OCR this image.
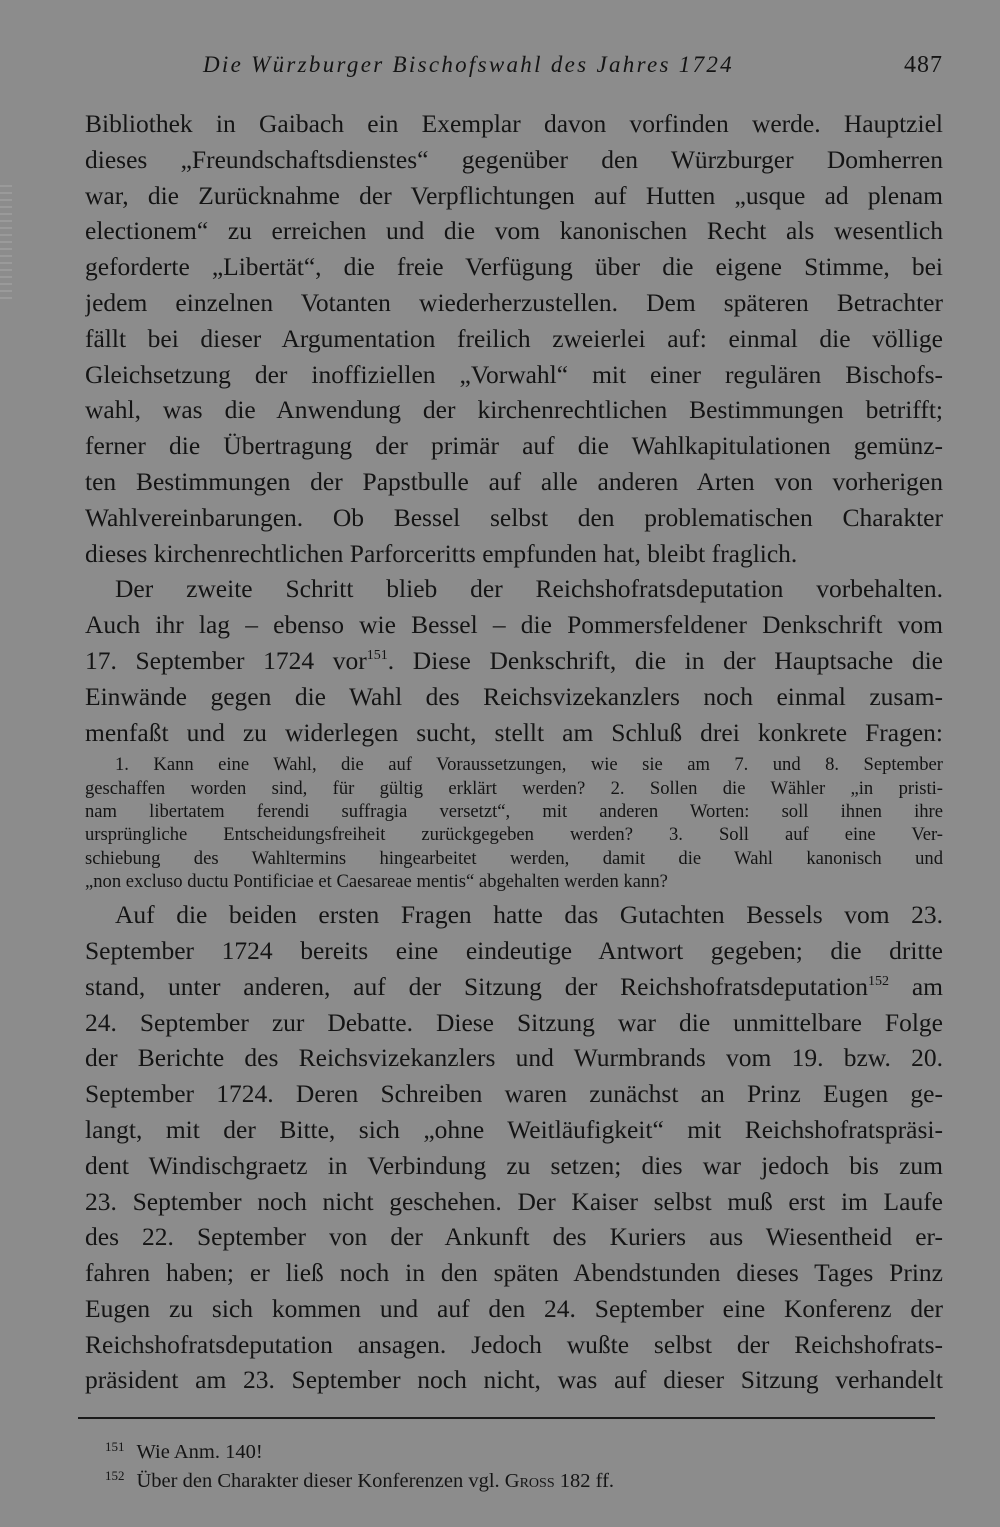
Die Würzburger Bischofswahl des Jahres 1724	487
Bibliothek in Gaibach ein Exemplar davon vorfinden werde. Hauptziel
dieses „Freundschaftsdienstes“ gegenüber den Würzburger Domherren
war, die Zurücknahme der Verpflichtungen auf Hutten „usque ad plenam
electionem“ zu erreichen und die vom kanonischen Recht als wesentlich
geforderte „Libertät“, die freie Verfügung über die eigene Stimme, bei
jedem einzelnen Votanten wiederherzustellen. Dem späteren Betrachter
fällt bei dieser Argumentation freilich zweierlei auf: einmal die völlige
Gleichsetzung der inoffiziellen „Vorwahl“ mit einer regulären Bischofs-
wahl, was die Anwendung der kirchenrechtlichen Bestimmungen betrifft;
ferner die Übertragung der primär auf die Wahlkapitulationen gemünz-
ten Bestimmungen der Papstbulle auf alle anderen Arten von vorherigen
Wahlvereinbarungen. Ob Bessel selbst den problematischen Charakter
dieses kirchenrechtlichen Parforceritts empfunden hat, bleibt fraglich.
Der zweite Schritt blieb der Reichshofratsdeputation vorbehalten.
Auch ihr lag – ebenso wie Bessel – die Pommersfeldener Denkschrift vom
17. September 1724 vor$^{151}$. Diese Denkschrift, die in der Hauptsache die
Einwände gegen die Wahl des Reichsvizekanzlers noch einmal zusam-
menfaßt und zu widerlegen sucht, stellt am Schluß drei konkrete Fragen:
1. Kann eine Wahl, die auf Voraussetzungen, wie sie am 7. und 8. September
geschaffen worden sind, für gültig erklärt werden? 2. Sollen die Wähler „in pristi-
nam libertatem ferendi suffragia versetzt“, mit anderen Worten: soll ihnen ihre
ursprüngliche Entscheidungsfreiheit zurückgegeben werden? 3. Soll auf eine Ver-
schiebung des Wahltermins hingearbeitet werden, damit die Wahl kanonisch und
„non excluso ductu Pontificiae et Caesareae mentis“ abgehalten werden kann?
Auf die beiden ersten Fragen hatte das Gutachten Bessels vom 23.
September 1724 bereits eine eindeutige Antwort gegeben; die dritte
stand, unter anderen, auf der Sitzung der Reichshofratsdeputation$^{152}$ am
24. September zur Debatte. Diese Sitzung war die unmittelbare Folge
der Berichte des Reichsvizekanzlers und Wurmbrands vom 19. bzw. 20.
September 1724. Deren Schreiben waren zunächst an Prinz Eugen ge-
langt, mit der Bitte, sich „ohne Weitläufigkeit“ mit Reichshofratspräsi-
dent Windischgraetz in Verbindung zu setzen; dies war jedoch bis zum
23. September noch nicht geschehen. Der Kaiser selbst muß erst im Laufe
des 22. September von der Ankunft des Kuriers aus Wiesentheid er-
fahren haben; er ließ noch in den späten Abendstunden dieses Tages Prinz
Eugen zu sich kommen und auf den 24. September eine Konferenz der
Reichshofratsdeputation ansagen. Jedoch wußte selbst der Reichshofrats-
präsident am 23. September noch nicht, was auf dieser Sitzung verhandelt
$^{151}$ Wie Anm. 140!
$^{152}$ Über den Charakter dieser Konferenzen vgl. Gross 182 ff.
